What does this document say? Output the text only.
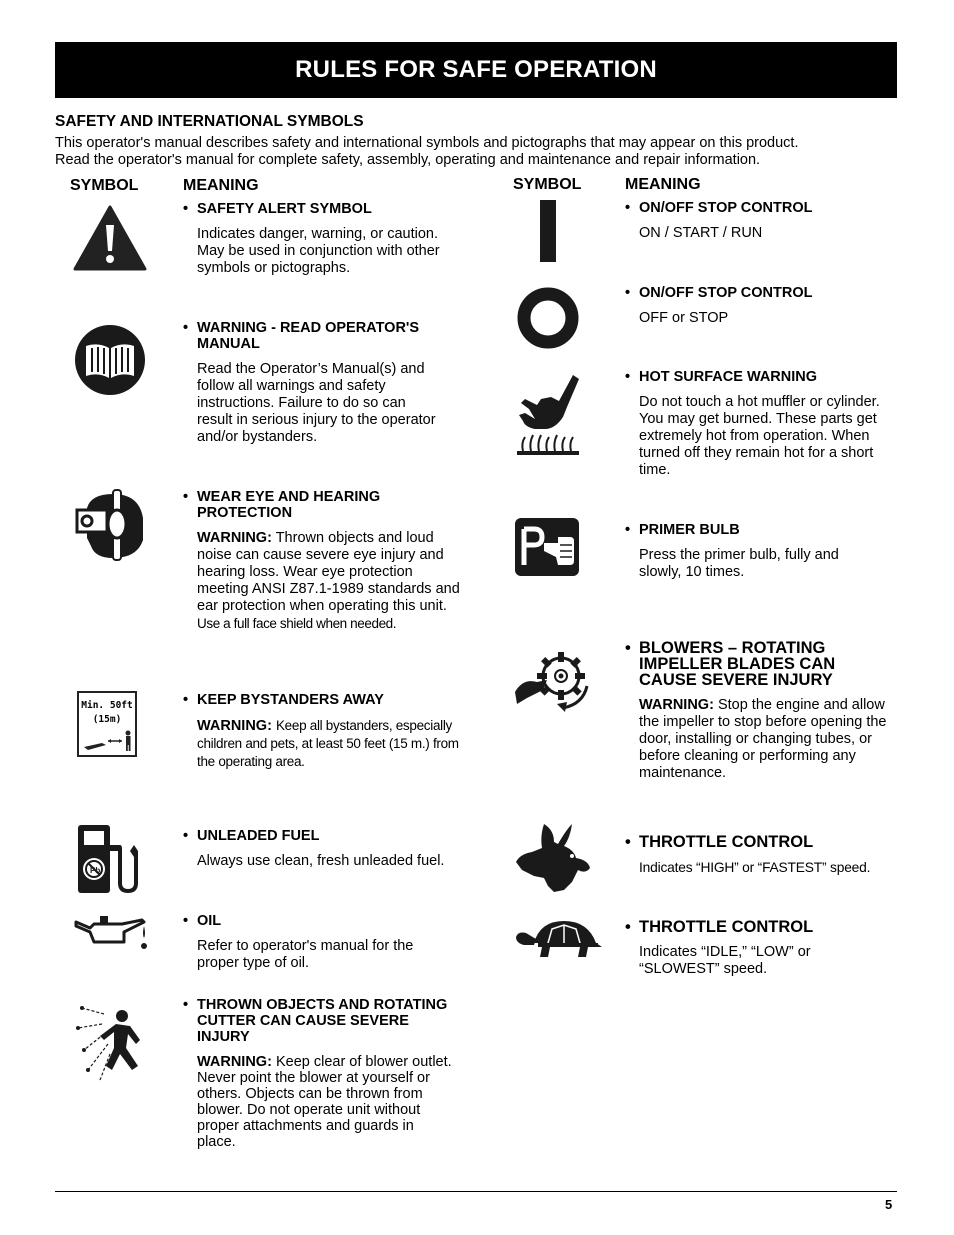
RULES FOR SAFE OPERATION
SAFETY AND INTERNATIONAL SYMBOLS
This operator's manual describes safety and international symbols and pictographs that may appear on this product.
Read the operator's manual for complete safety, assembly, operating and maintenance and repair information.
SYMBOL	MEANING	SYMBOL	MEANING
Min. 50ft
(15m)
Pb
• SAFETY ALERT SYMBOL
Indicates danger, warning, or caution. May be used in conjunction with other symbols or pictographs.
• WARNING - READ OPERATOR'S MANUAL
Read the Operator’s Manual(s) and follow all warnings and safety instructions. Failure to do so can result in serious injury to the operator and/or bystanders.
• WEAR EYE AND HEARING PROTECTION
WARNING: Thrown objects and loud noise can cause severe eye injury and hearing loss. Wear eye protection meeting ANSI Z87.1-1989 standards and ear protection when operating this unit. Use a full face shield when needed.
• KEEP BYSTANDERS AWAY
WARNING: Keep all bystanders, especially children and pets, at least 50 feet (15 m.) from the operating area.
• UNLEADED FUEL
Always use clean, fresh unleaded fuel.
• OIL
Refer to operator's manual for the proper type of oil.
• THROWN OBJECTS AND ROTATING CUTTER CAN CAUSE SEVERE INJURY
WARNING: Keep clear of blower outlet. Never point the blower at yourself or others. Objects can be thrown from blower. Do not operate unit without proper attachments and guards in place.
• ON/OFF STOP CONTROL
ON / START / RUN
• ON/OFF STOP CONTROL
OFF or STOP
• HOT SURFACE WARNING
Do not touch a hot muffler or cylinder. You may get burned. These parts get extremely hot from operation. When turned off they remain hot for a short time.
• PRIMER BULB
Press the primer bulb, fully and slowly, 10 times.
• BLOWERS – ROTATING IMPELLER BLADES CAN CAUSE SEVERE INJURY
WARNING: Stop the engine and allow the impeller to stop before opening the door, installing or changing tubes, or before cleaning or performing any maintenance.
• THROTTLE CONTROL
Indicates “HIGH” or “FASTEST” speed.
• THROTTLE CONTROL
Indicates “IDLE,” “LOW” or “SLOWEST” speed.
5
